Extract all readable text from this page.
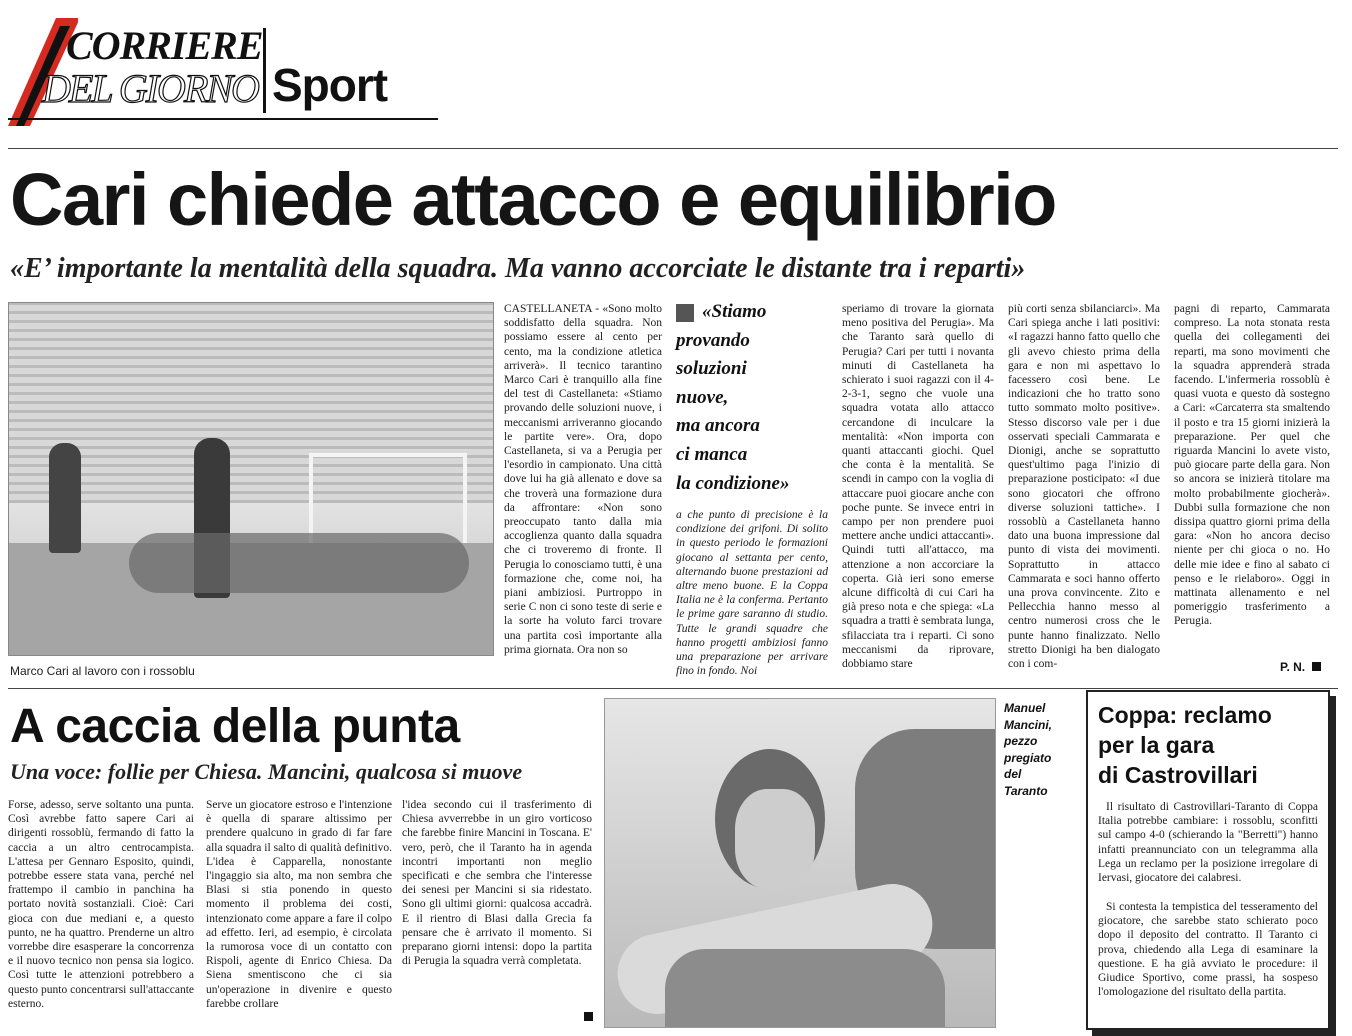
CORRIERE
DEL GIORNO Sport
Cari chiede attacco e equilibrio
«E’ importante la mentalità della squadra. Ma vanno accorciate le distante tra i reparti»
Marco Cari al lavoro con i rossoblu
CASTELLANETA - «Sono molto soddisfatto della squadra. Non possiamo essere al cento per cento, ma la condizione atletica arriverà». Il tecnico tarantino Marco Cari è tranquillo alla fine del test di Castellaneta: «Stiamo provando delle soluzioni nuove, i meccanismi arriveranno giocando le partite vere». Ora, dopo Castellaneta, si va a Perugia per l'esordio in campionato. Una città dove lui ha già allenato e dove sa che troverà una formazione dura da affrontare: «Non sono preoccupato tanto dalla mia accoglienza quanto dalla squadra che ci troveremo di fronte. Il Perugia lo conosciamo tutti, è una formazione che, come noi, ha piani ambiziosi. Purtroppo in serie C non ci sono teste di serie e la sorte ha voluto farci trovare una partita così importante alla prima giornata. Ora non so
«Stiamo
provando
soluzioni
nuove,
ma ancora
ci manca
la condizione»
a che punto di precisione è la condizione dei grifoni. Di solito in questo periodo le formazioni giocano al settanta per cento, alternando buone prestazioni ad altre meno buone. E la Coppa Italia ne è la conferma. Pertanto le prime gare saranno di studio. Tutte le grandi squadre che hanno progetti ambiziosi fanno una preparazione per arrivare fino in fondo. Noi
speriamo di trovare la giornata meno positiva del Perugia». Ma che Taranto sarà quello di Perugia? Cari per tutti i novanta minuti di Castellaneta ha schierato i suoi ragazzi con il 4-2-3-1, segno che vuole una squadra votata allo attacco cercandone di inculcare la mentalità: «Non importa con quanti attaccanti giochi. Quel che conta è la mentalità. Se scendi in campo con la voglia di attaccare puoi giocare anche con poche punte. Se invece entri in campo per non prendere puoi mettere anche undici attaccanti». Quindi tutti all'attacco, ma attenzione a non accorciare la coperta. Già ieri sono emerse alcune difficoltà di cui Cari ha già preso nota e che spiega: «La squadra a tratti è sembrata lunga, sfilacciata tra i reparti. Ci sono meccanismi da riprovare, dobbiamo stare
più corti senza sbilanciarci». Ma Cari spiega anche i lati positivi: «I ragazzi hanno fatto quello che gli avevo chiesto prima della gara e non mi aspettavo lo facessero così bene. Le indicazioni che ho tratto sono tutto sommato molto positive». Stesso discorso vale per i due osservati speciali Cammarata e Dionigi, anche se soprattutto quest'ultimo paga l'inizio di preparazione posticipato: «I due sono giocatori che offrono diverse soluzioni tattiche». I rossoblù a Castellaneta hanno dato una buona impressione dal punto di vista dei movimenti. Soprattutto in attacco Cammarata e soci hanno offerto una prova convincente. Zito e Pellecchia hanno messo al centro numerosi cross che le punte hanno finalizzato. Nello stretto Dionigi ha ben dialogato con i com-
pagni di reparto, Cammarata compreso. La nota stonata resta quella dei collegamenti dei reparti, ma sono movimenti che la squadra apprenderà strada facendo. L'infermeria rossoblù è quasi vuota e questo dà sostegno a Cari: «Carcaterra sta smaltendo il posto e tra 15 giorni inizierà la preparazione. Per quel che riguarda Mancini lo avete visto, può giocare parte della gara. Non so ancora se inizierà titolare ma molto probabilmente giocherà». Dubbi sulla formazione che non dissipa quattro giorni prima della gara: «Non ho ancora deciso niente per chi gioca o no. Ho delle mie idee e fino al sabato ci penso e le rielaboro». Oggi in mattinata allenamento e nel pomeriggio trasferimento a Perugia.
P. N.
A caccia della punta
Una voce: follie per Chiesa. Mancini, qualcosa si muove
Forse, adesso, serve soltanto una punta. Così avrebbe fatto sapere Cari ai dirigenti rossoblù, fermando di fatto la caccia a un altro centrocampista. L'attesa per Gennaro Esposito, quindi, potrebbe essere stata vana, perché nel frattempo il cambio in panchina ha portato novità sostanziali. Cioè: Cari gioca con due mediani e, a questo punto, ne ha quattro. Prenderne un altro vorrebbe dire esasperare la concorrenza e il nuovo tecnico non pensa sia logico. Così tutte le attenzioni potrebbero a questo punto concentrarsi sull'attaccante esterno.
Serve un giocatore estroso e l'intenzione è quella di sparare altissimo per prendere qualcuno in grado di far fare alla squadra il salto di qualità definitivo. L'idea è Capparella, nonostante l'ingaggio sia alto, ma non sembra che Blasi si stia ponendo in questo momento il problema dei costi, intenzionato come appare a fare il colpo ad effetto. Ieri, ad esempio, è circolata la rumorosa voce di un contatto con Rispoli, agente di Enrico Chiesa. Da Siena smentiscono che ci sia un'operazione in divenire e questo farebbe crollare
l'idea secondo cui il trasferimento di Chiesa avverrebbe in un giro vorticoso che farebbe finire Mancini in Toscana. E' vero, però, che il Taranto ha in agenda incontri importanti non meglio specificati e che sembra che l'interesse dei senesi per Mancini si sia ridestato. Sono gli ultimi giorni: qualcosa accadrà. E il rientro di Blasi dalla Grecia fa pensare che è arrivato il momento. Si preparano giorni intensi: dopo la partita di Perugia la squadra verrà completata.
Manuel
Mancini,
pezzo
pregiato
del
Taranto
Coppa: reclamo
per la gara
di Castrovillari
Il risultato di Castrovillari-Taranto di Coppa Italia potrebbe cambiare: i rossoblu, sconfitti sul campo 4-0 (schierando la "Berretti") hanno infatti preannunciato con un telegramma alla Lega un reclamo per la posizione irregolare di Iervasi, giocatore dei calabresi.
Si contesta la tempistica del tesseramento del giocatore, che sarebbe stato schierato poco dopo il deposito del contratto. Il Taranto ci prova, chiedendo alla Lega di esaminare la questione. E ha già avviato le procedure: il Giudice Sportivo, come prassi, ha sospeso l'omologazione del risultato della partita.
